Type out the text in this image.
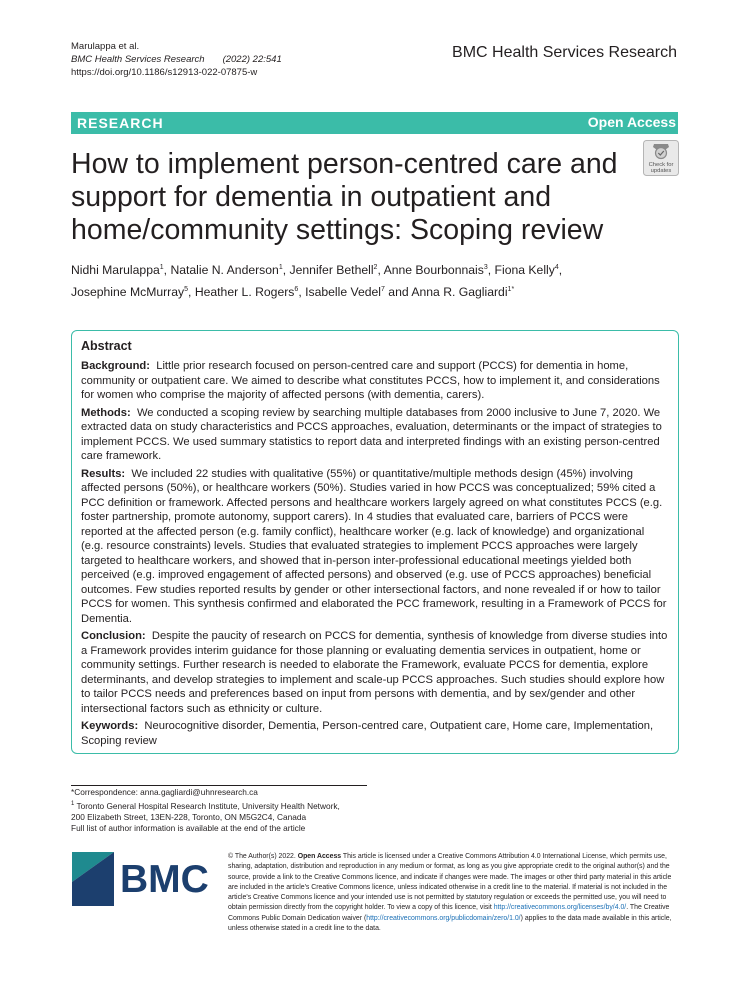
Marulappa et al.
BMC Health Services Research (2022) 22:541
https://doi.org/10.1186/s12913-022-07875-w
BMC Health Services Research
RESEARCH	Open Access
How to implement person-centred care and support for dementia in outpatient and home/community settings: Scoping review
Check for
updates
Nidhi Marulappa$^1$, Natalie N. Anderson$^1$, Jennifer Bethell$^2$, Anne Bourbonnais$^3$, Fiona Kelly$^4$,
Josephine McMurray$^5$, Heather L. Rogers$^6$, Isabelle Vedel$^7$ and Anna R. Gagliardi$^{1*}$
Abstract

Background: Little prior research focused on person-centred care and support (PCCS) for dementia in home, community or outpatient care. We aimed to describe what constitutes PCCS, how to implement it, and considerations for women who comprise the majority of affected persons (with dementia, carers).

Methods: We conducted a scoping review by searching multiple databases from 2000 inclusive to June 7, 2020. We extracted data on study characteristics and PCCS approaches, evaluation, determinants or the impact of strategies to implement PCCS. We used summary statistics to report data and interpreted findings with an existing person-centred care framework.

Results: We included 22 studies with qualitative (55%) or quantitative/multiple methods design (45%) involving affected persons (50%), or healthcare workers (50%). Studies varied in how PCCS was conceptualized; 59% cited a PCC definition or framework. Affected persons and healthcare workers largely agreed on what constitutes PCCS (e.g. foster partnership, promote autonomy, support carers). In 4 studies that evaluated care, barriers of PCCS were reported at the affected person (e.g. family conflict), healthcare worker (e.g. lack of knowledge) and organizational (e.g. resource constraints) levels. Studies that evaluated strategies to implement PCCS approaches were largely targeted to healthcare workers, and showed that in-person inter-professional educational meetings yielded both perceived (e.g. improved engagement of affected persons) and observed (e.g. use of PCCS approaches) beneficial outcomes. Few studies reported results by gender or other intersectional factors, and none revealed if or how to tailor PCCS for women. This synthesis confirmed and elaborated the PCC framework, resulting in a Framework of PCCS for Dementia.

Conclusion: Despite the paucity of research on PCCS for dementia, synthesis of knowledge from diverse studies into a Framework provides interim guidance for those planning or evaluating dementia services in outpatient, home or community settings. Further research is needed to elaborate the Framework, evaluate PCCS for dementia, explore determinants, and develop strategies to implement and scale-up PCCS approaches. Such studies should explore how to tailor PCCS needs and preferences based on input from persons with dementia, and by sex/gender and other intersectional factors such as ethnicity or culture.

Keywords: Neurocognitive disorder, Dementia, Person-centred care, Outpatient care, Home care, Implementation, Scoping review

*Correspondence: anna.gagliardi@uhnresearch.ca
$^1$ Toronto General Hospital Research Institute, University Health Network,
200 Elizabeth Street, 13EN-228, Toronto, ON M5G2C4, Canada
Full list of author information is available at the end of the article
BMC
© The Author(s) 2022. Open Access This article is licensed under a Creative Commons Attribution 4.0 International License, which permits use, sharing, adaptation, distribution and reproduction in any medium or format, as long as you give appropriate credit to the original author(s) and the source, provide a link to the Creative Commons licence, and indicate if changes were made. The images or other third party material in this article are included in the article's Creative Commons licence, unless indicated otherwise in a credit line to the material. If material is not included in the article's Creative Commons licence and your intended use is not permitted by statutory regulation or exceeds the permitted use, you will need to obtain permission directly from the copyright holder. To view a copy of this licence, visit http://creativecommons.org/licenses/by/4.0/. The Creative Commons Public Domain Dedication waiver (http://creativecommons.org/publicdomain/zero/1.0/) applies to the data made available in this article, unless otherwise stated in a credit line to the data.
